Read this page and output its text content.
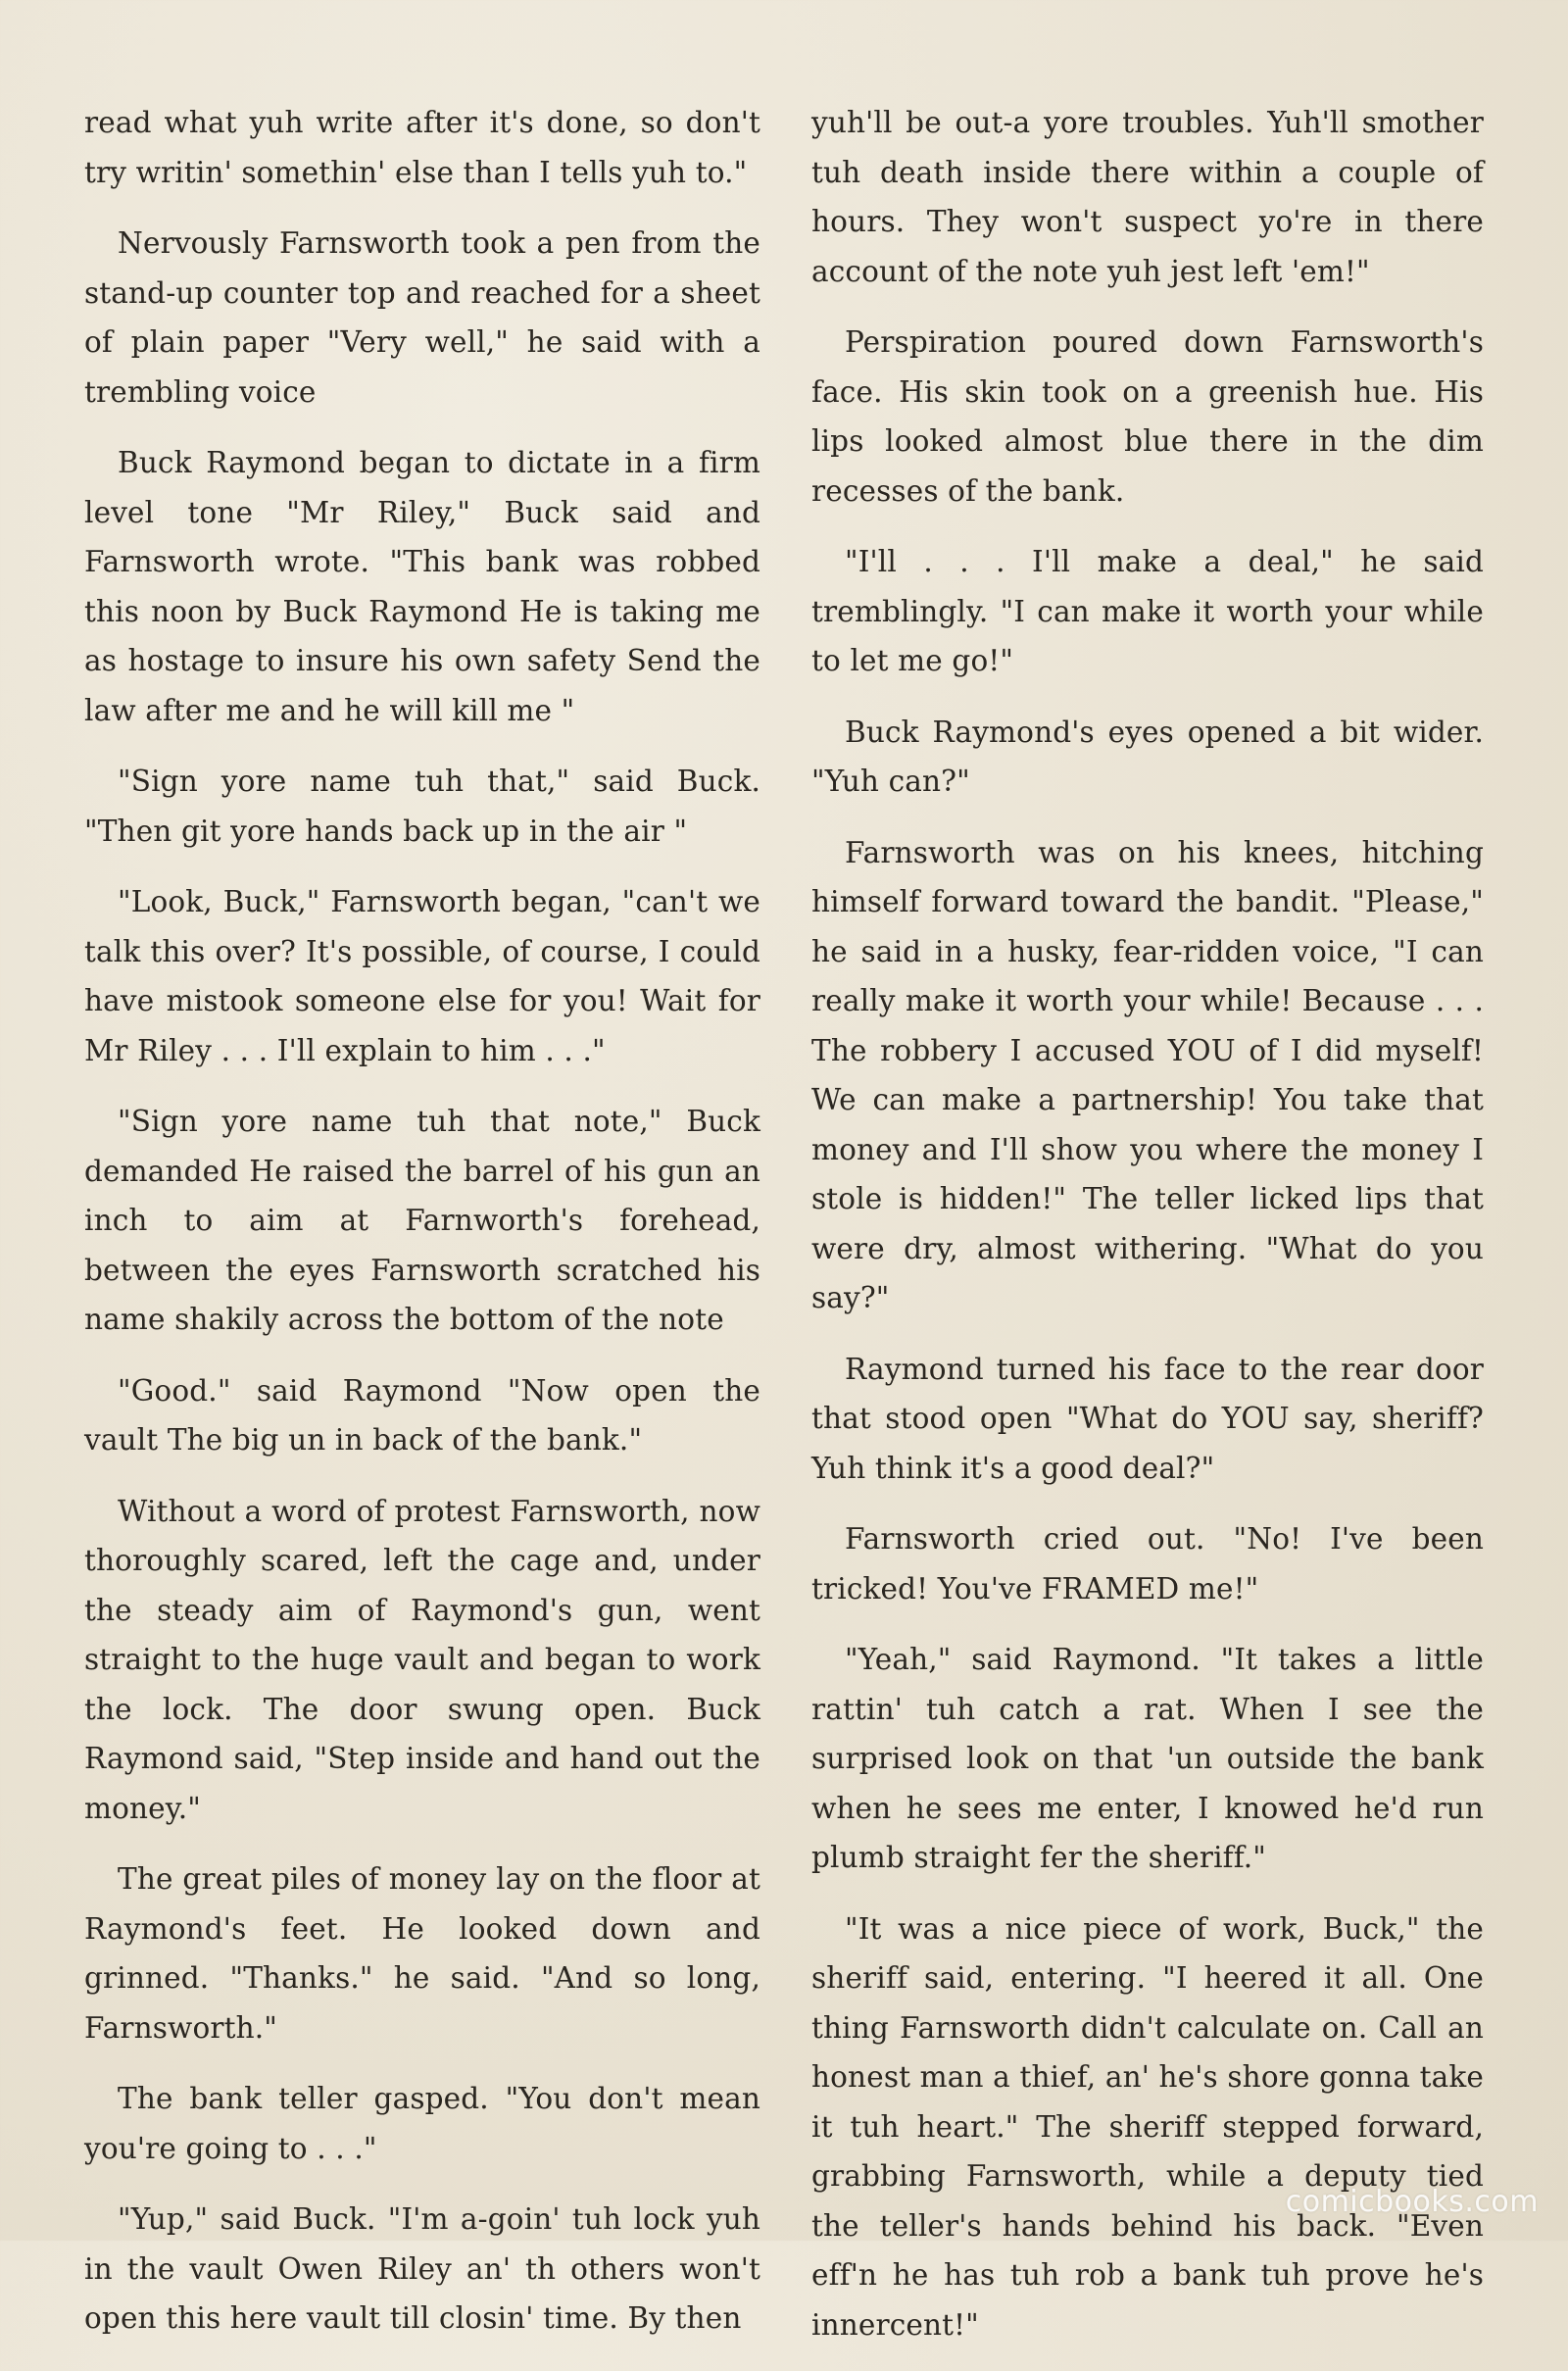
read what yuh write after it's done, so don't try writin' somethin' else than I tells yuh to."

Nervously Farnsworth took a pen from the stand-up counter top and reached for a sheet of plain paper "Very well," he said with a trembling voice

Buck Raymond began to dictate in a firm level tone "Mr Riley," Buck said and Farnsworth wrote. "This bank was robbed this noon by Buck Raymond He is taking me as hostage to insure his own safety Send the law after me and he will kill me "

"Sign yore name tuh that," said Buck. "Then git yore hands back up in the air "

"Look, Buck," Farnsworth began, "can't we talk this over? It's possible, of course, I could have mistook someone else for you! Wait for Mr Riley . . . I'll explain to him . . ."

"Sign yore name tuh that note," Buck demanded He raised the barrel of his gun an inch to aim at Farnworth's forehead, between the eyes Farnsworth scratched his name shakily across the bottom of the note

"Good." said Raymond "Now open the vault The big un in back of the bank."

Without a word of protest Farnsworth, now thoroughly scared, left the cage and, under the steady aim of Raymond's gun, went straight to the huge vault and began to work the lock. The door swung open. Buck Raymond said, "Step inside and hand out the money."

The great piles of money lay on the floor at Raymond's feet. He looked down and grinned. "Thanks." he said. "And so long, Farnsworth."

The bank teller gasped. "You don't mean you're going to . . ."

"Yup," said Buck. "I'm a-goin' tuh lock yuh in the vault Owen Riley an' th others won't open this here vault till closin' time. By then

yuh'll be out-a yore troubles. Yuh'll smother tuh death inside there within a couple of hours. They won't suspect yo're in there account of the note yuh jest left 'em!"

Perspiration poured down Farnsworth's face. His skin took on a greenish hue. His lips looked almost blue there in the dim recesses of the bank.

"I'll . . . I'll make a deal," he said tremblingly. "I can make it worth your while to let me go!"

Buck Raymond's eyes opened a bit wider. "Yuh can?"

Farnsworth was on his knees, hitching himself forward toward the bandit. "Please," he said in a husky, fear-ridden voice, "I can really make it worth your while! Because . . . The robbery I accused YOU of I did myself! We can make a partnership! You take that money and I'll show you where the money I stole is hidden!" The teller licked lips that were dry, almost withering. "What do you say?"

Raymond turned his face to the rear door that stood open "What do YOU say, sheriff? Yuh think it's a good deal?"

Farnsworth cried out. "No! I've been tricked! You've FRAMED me!"

"Yeah," said Raymond. "It takes a little rattin' tuh catch a rat. When I see the surprised look on that 'un outside the bank when he sees me enter, I knowed he'd run plumb straight fer the sheriff."

"It was a nice piece of work, Buck," the sheriff said, entering. "I heered it all. One thing Farnsworth didn't calculate on. Call an honest man a thief, an' he's shore gonna take it tuh heart." The sheriff stepped forward, grabbing Farnsworth, while a deputy tied the teller's hands behind his back. "Even eff'n he has tuh rob a bank tuh prove he's innercent!"

comicbooks.com
